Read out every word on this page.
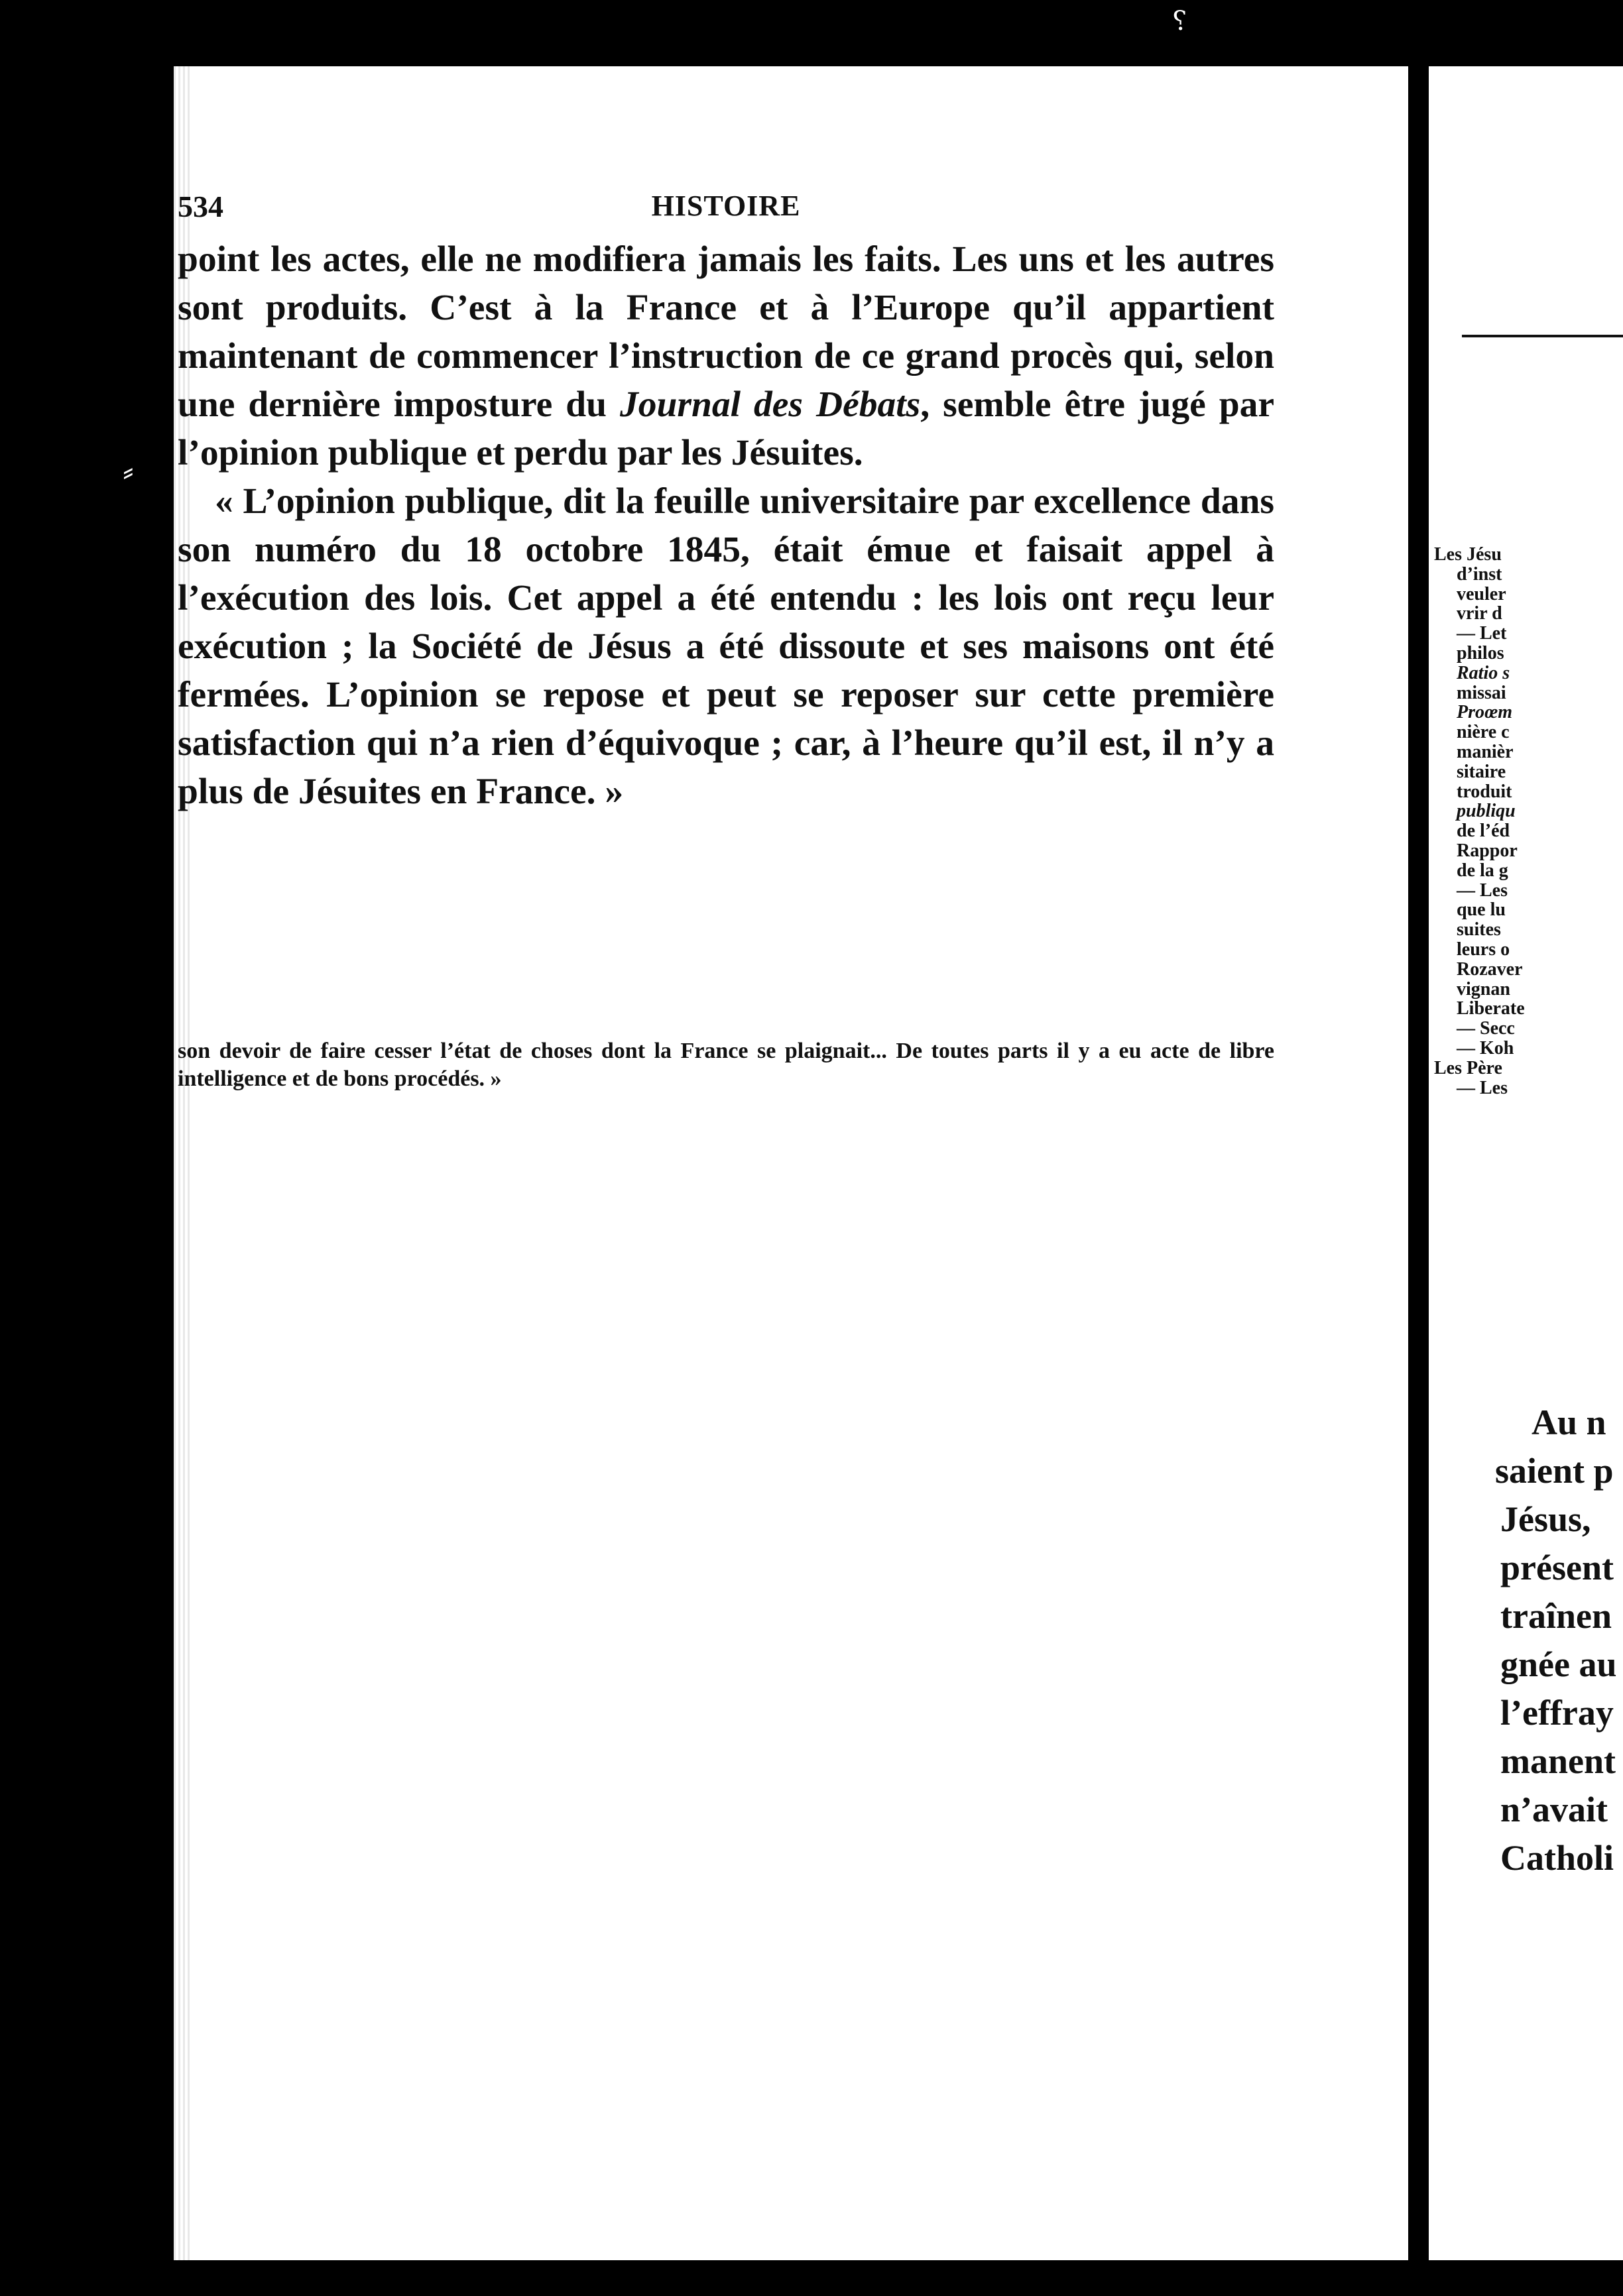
534	HISTOIRE

point les actes, elle ne modifiera jamais les faits. Les uns et les autres sont produits. C’est à la France et à l’Europe qu’il appartient maintenant de commencer l’instruction de ce grand procès qui, selon une dernière imposture du Journal des Débats, semble être jugé par l’opinion publique et perdu par les Jésuites.

« L’opinion publique, dit la feuille universitaire par excellence dans son numéro du 18 octobre 1845, était émue et faisait appel à l’exécution des lois. Cet appel a été entendu : les lois ont reçu leur exécution ; la Société de Jésus a été dissoute et ses maisons ont été fermées. L’opinion se repose et peut se reposer sur cette première satisfaction qui n’a rien d’équivoque ; car, à l’heure qu’il est, il n’y a plus de Jésuites en France. »

son devoir de faire cesser l’état de choses dont la France se plaignait... De toutes parts il y a eu acte de libre intelligence et de bons procédés. »
Les Jésu
d’inst
veuler
vrir d
— Let
philos
Ratio s
missai
Proœm
nière c
manièr
sitaire
troduit
publiqu
de l’éd
Rappor
de la g
— Les
que lu
suites
leurs o
Rozaver
vignan
Liberate
— Secc
— Koh
Les Père
— Les
Au n
saient p
Jésus,
présent
traînen
gnée au
l’effray
manent
n’avait
Catholi
⸮
⸗
